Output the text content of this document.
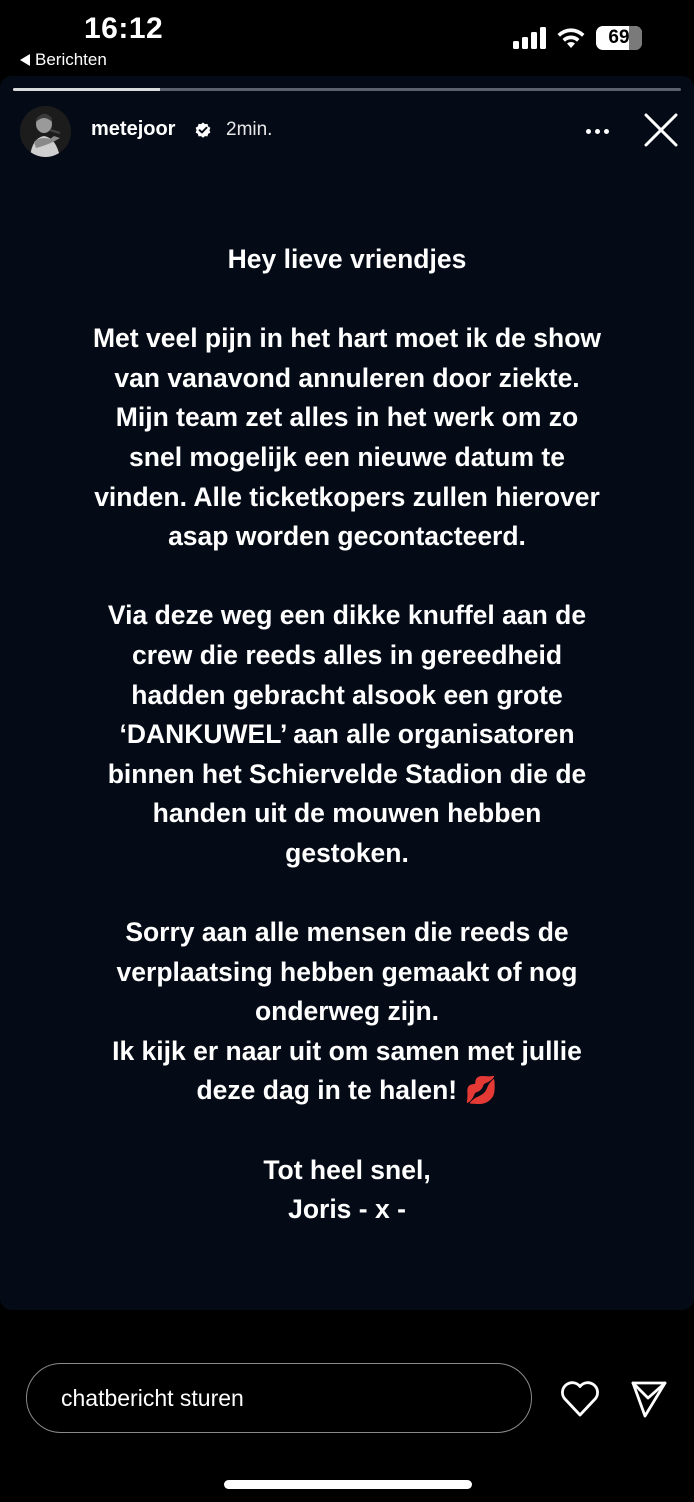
16:12
Berichten
69
metejoor	2min.

Hey lieve vriendjes

Met veel pijn in het hart moet ik de show

van vanavond annuleren door ziekte.

Mijn team zet alles in het werk om zo

snel mogelijk een nieuwe datum te

vinden. Alle ticketkopers zullen hierover

asap worden gecontacteerd.

Via deze weg een dikke knuffel aan de

crew die reeds alles in gereedheid

hadden gebracht alsook een grote

‘DANKUWEL’ aan alle organisatoren

binnen het Schiervelde Stadion die de

handen uit de mouwen hebben

gestoken.

Sorry aan alle mensen die reeds de

verplaatsing hebben gemaakt of nog

onderweg zijn.

Ik kijk er naar uit om samen met jullie

deze dag in te halen! 💋

Tot heel snel,

Joris - x -

chatbericht sturen
